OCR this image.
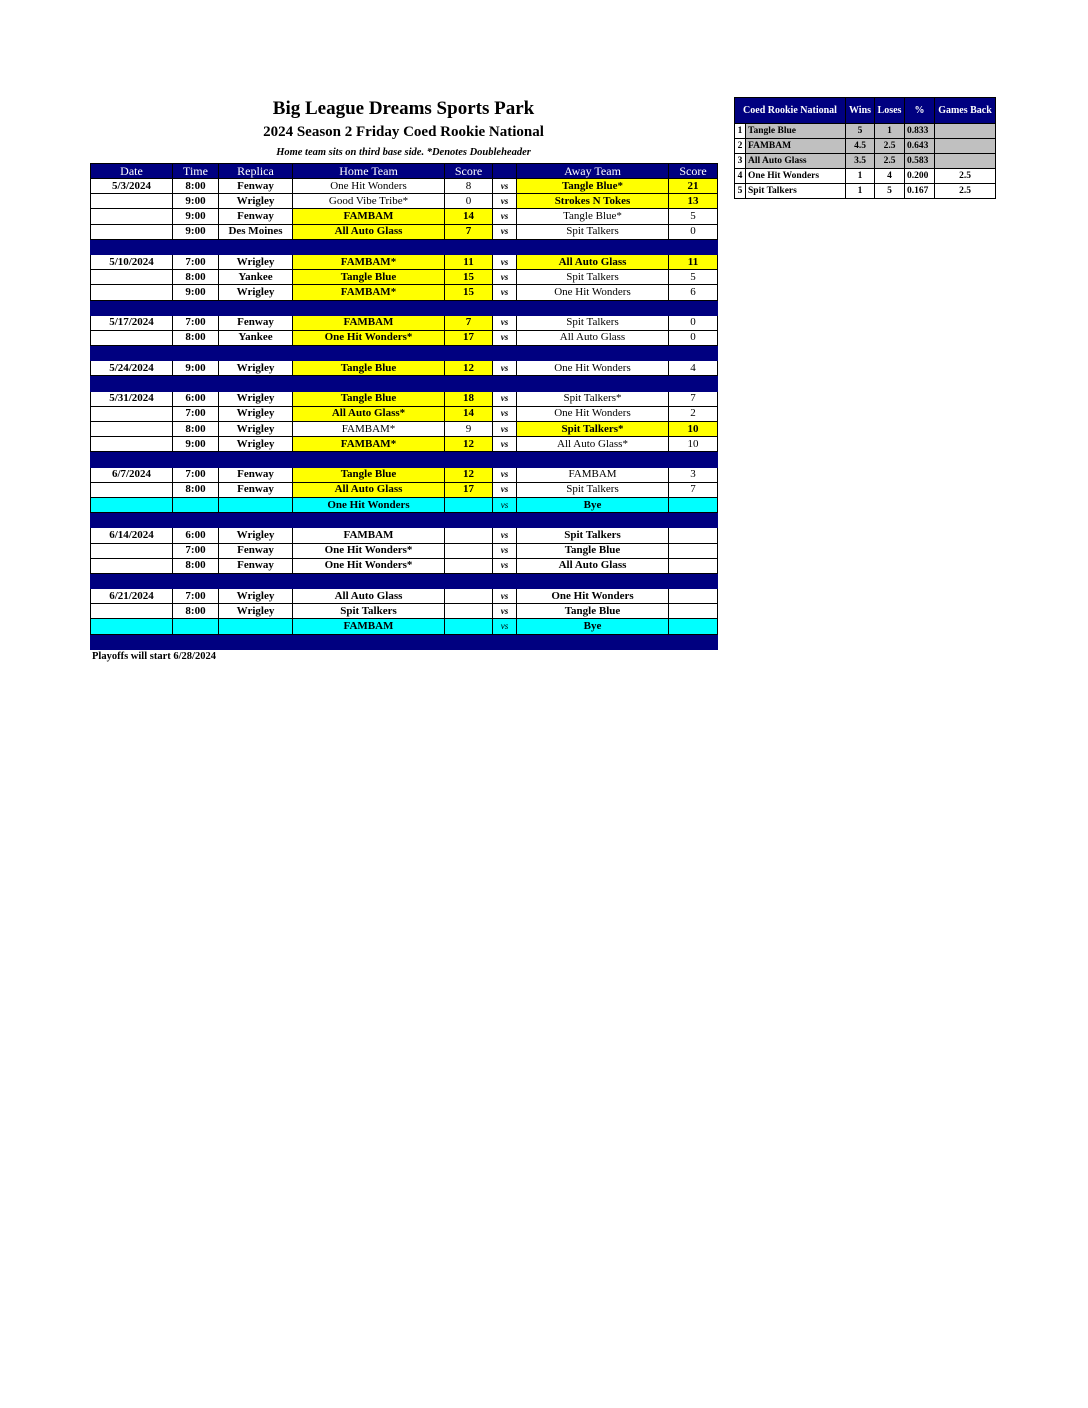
Big League Dreams Sports Park
2024 Season 2 Friday Coed Rookie National
Home team sits on third base side. *Denotes Doubleheader
Date	Time	Replica	Home Team	Score		Away Team	Score
5/3/2024	8:00	Fenway	One Hit Wonders	8	vs	Tangle Blue*	21
	9:00	Wrigley	Good Vibe Tribe*	0	vs	Strokes N Tokes	13
	9:00	Fenway	FAMBAM	14	vs	Tangle Blue*	5
	9:00	Des Moines	All Auto Glass	7	vs	Spit Talkers	0

5/10/2024	7:00	Wrigley	FAMBAM*	11	vs	All Auto Glass	11
	8:00	Yankee	Tangle Blue	15	vs	Spit Talkers	5
	9:00	Wrigley	FAMBAM*	15	vs	One Hit Wonders	6

5/17/2024	7:00	Fenway	FAMBAM	7	vs	Spit Talkers	0
	8:00	Yankee	One Hit Wonders*	17	vs	All Auto Glass	0

5/24/2024	9:00	Wrigley	Tangle Blue	12	vs	One Hit Wonders	4

5/31/2024	6:00	Wrigley	Tangle Blue	18	vs	Spit Talkers*	7
	7:00	Wrigley	All Auto Glass*	14	vs	One Hit Wonders	2
	8:00	Wrigley	FAMBAM*	9	vs	Spit Talkers*	10
	9:00	Wrigley	FAMBAM*	12	vs	All Auto Glass*	10

6/7/2024	7:00	Fenway	Tangle Blue	12	vs	FAMBAM	3
	8:00	Fenway	All Auto Glass	17	vs	Spit Talkers	7
			One Hit Wonders		vs	Bye	

6/14/2024	6:00	Wrigley	FAMBAM		vs	Spit Talkers	
	7:00	Fenway	One Hit Wonders*		vs	Tangle Blue	
	8:00	Fenway	One Hit Wonders*		vs	All Auto Glass	

6/21/2024	7:00	Wrigley	All Auto Glass		vs	One Hit Wonders	
	8:00	Wrigley	Spit Talkers		vs	Tangle Blue	
			FAMBAM		vs	Bye	

Coed Rookie National		Wins	Loses	%	Games Back
1	Tangle Blue	5	1	0.833	
2	FAMBAM	4.5	2.5	0.643	
3	All Auto Glass	3.5	2.5	0.583	
4	One Hit Wonders	1	4	0.200	2.5
5	Spit Talkers	1	5	0.167	2.5
Playoffs will start 6/28/2024
